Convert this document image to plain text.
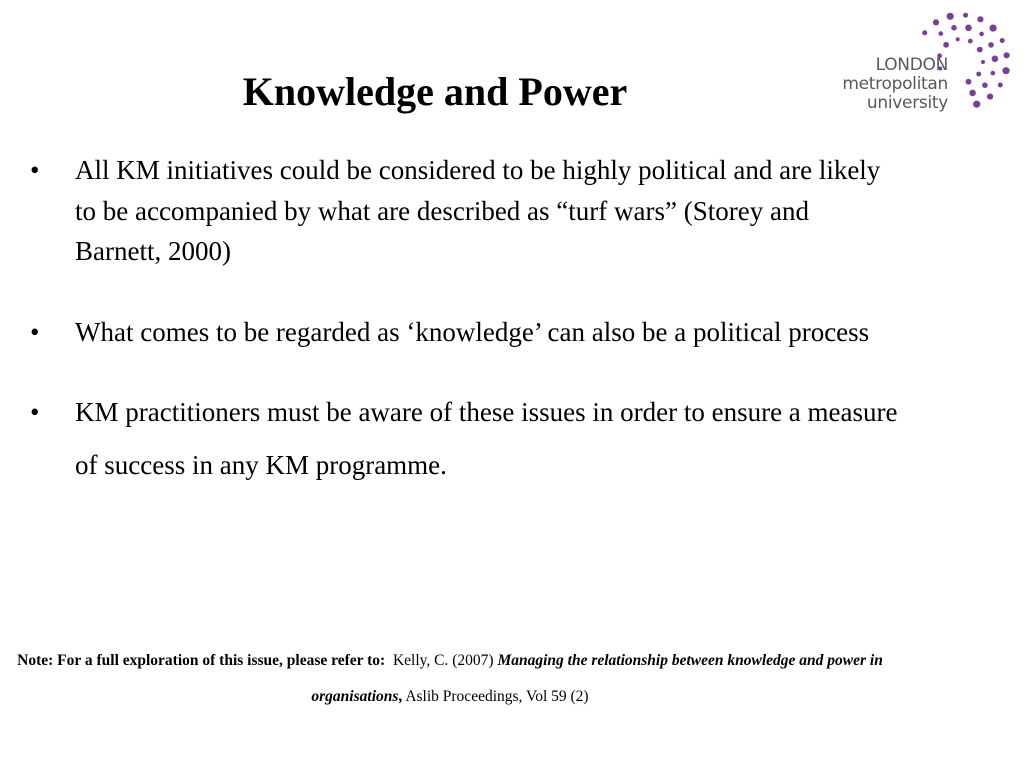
Knowledge and Power
LONDON
metropolitan
university
•	All KM initiatives could be considered to be highly political and are likely to be accompanied by what are described as “turf wars” (Storey and Barnett, 2000)
•	What comes to be regarded as ‘knowledge’ can also be a political process
•	KM practitioners must be aware of these issues in order to ensure a measure of success in any KM programme.
Note: For a full exploration of this issue, please refer to: Kelly, C. (2007) Managing the relationship between knowledge and power in organisations, Aslib Proceedings, Vol 59 (2)
